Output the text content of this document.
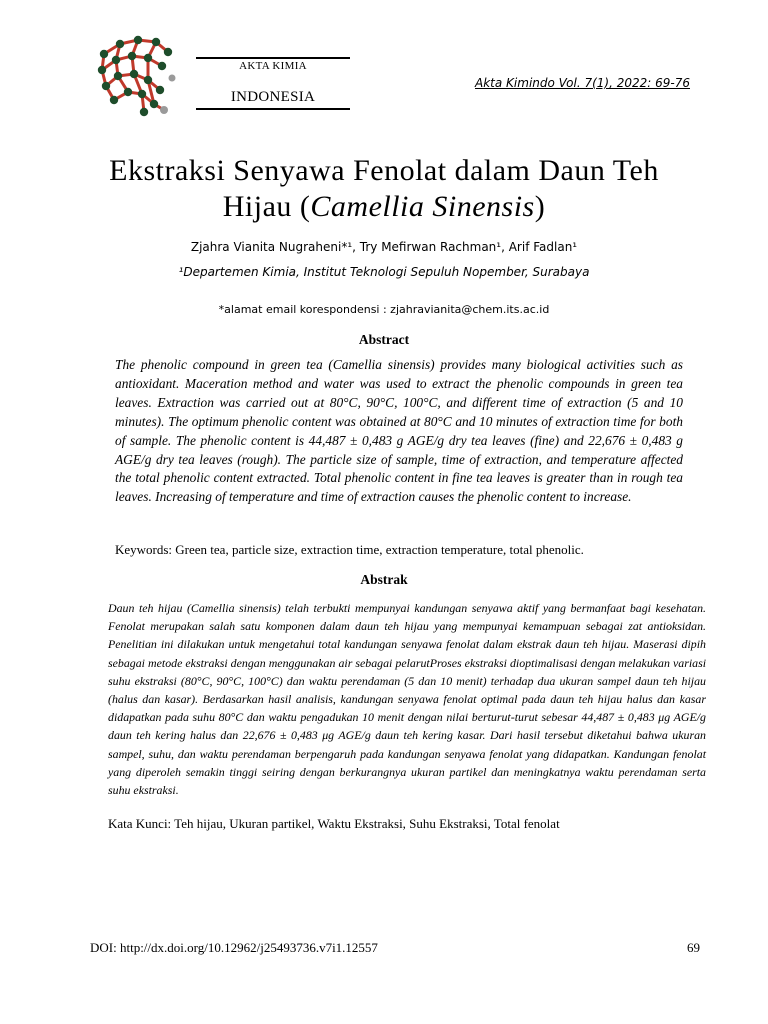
AKTA KIMIA
INDONESIA
Akta Kimindo Vol. 7(1), 2022: 69-76
Ekstraksi Senyawa Fenolat dalam Daun Teh
Hijau (Camellia Sinensis)
Zjahra Vianita Nugraheni*¹, Try Mefirwan Rachman¹, Arif Fadlan¹
¹Departemen Kimia, Institut Teknologi Sepuluh Nopember, Surabaya
*alamat email korespondensi : zjahravianita@chem.its.ac.id
Abstract
The phenolic compound in green tea (Camellia sinensis) provides many biological activities such as antioxidant. Maceration method and water was used to extract the phenolic compounds in green tea leaves. Extraction was carried out at 80°C, 90°C, 100°C, and different time of extraction (5 and 10 minutes). The optimum phenolic content was obtained at 80°C and 10 minutes of extraction time for both of sample. The phenolic content is 44,487 ± 0,483 g AGE/g dry tea leaves (fine) and 22,676 ± 0,483 g AGE/g dry tea leaves (rough). The particle size of sample, time of extraction, and temperature affected the total phenolic content extracted. Total phenolic content in fine tea leaves is greater than in rough tea leaves. Increasing of temperature and time of extraction causes the phenolic content to increase.
Keywords: Green tea, particle size, extraction time, extraction temperature, total phenolic.
Abstrak
Daun teh hijau (Camellia sinensis) telah terbukti mempunyai kandungan senyawa aktif yang bermanfaat bagi kesehatan. Fenolat merupakan salah satu komponen dalam daun teh hijau yang mempunyai kemampuan sebagai zat antioksidan. Penelitian ini dilakukan untuk mengetahui total kandungan senyawa fenolat dalam ekstrak daun teh hijau. Maserasi dipih sebagai metode ekstraksi dengan menggunakan air sebagai pelarutProses ekstraksi dioptimalisasi dengan melakukan variasi suhu ekstraksi (80°C, 90°C, 100°C) dan waktu perendaman (5 dan 10 menit) terhadap dua ukuran sampel daun teh hijau (halus dan kasar). Berdasarkan hasil analisis, kandungan senyawa fenolat optimal pada daun teh hijau halus dan kasar didapatkan pada suhu 80°C dan waktu pengadukan 10 menit dengan nilai berturut-turut sebesar 44,487 ± 0,483 μg AGE/g daun teh kering halus dan 22,676 ± 0,483 μg AGE/g daun teh kering kasar. Dari hasil tersebut diketahui bahwa ukuran sampel, suhu, dan waktu perendaman berpengaruh pada kandungan senyawa fenolat yang didapatkan. Kandungan fenolat yang diperoleh semakin tinggi seiring dengan berkurangnya ukuran partikel dan meningkatnya waktu perendaman serta suhu ekstraksi.
Kata Kunci: Teh hijau, Ukuran partikel, Waktu Ekstraksi, Suhu Ekstraksi, Total fenolat
DOI: http://dx.doi.org/10.12962/j25493736.v7i1.12557	69
